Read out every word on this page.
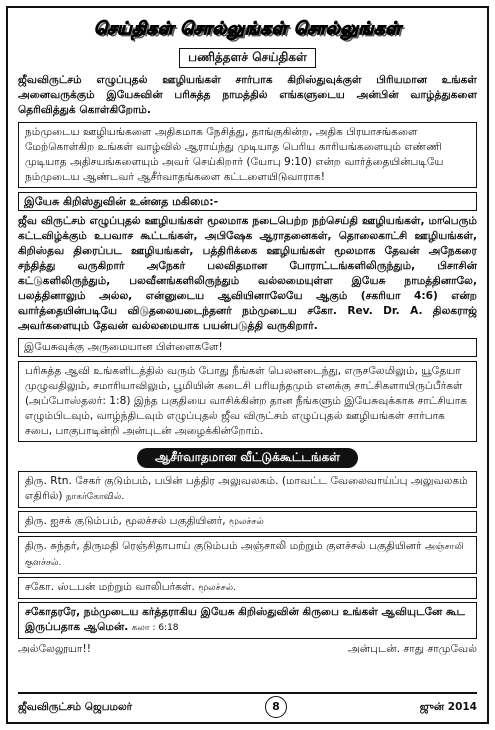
செய்திகள் சொல்லுங்கள் சொல்லுங்கள்
பணித்தளச் செய்திகள்

ஜீவவிருட்சம் எழுப்புதல் ஊழியங்கள் சார்பாக கிறிஸ்துவுக்குள் பிரியமான உங்கள் அனைவருக்கும் இயேசுவின் பரிசுத்த நாமத்தில் எங்களுடைய அன்பின் வாழ்த்துகளை தெரிவித்துக் கொள்கிறோம்.

நம்முடைய ஊழியங்களை அதிகமாக நேசித்து, தாங்குகின்ற, அதிக பிரயாசங்களை மேற்கொள்கிற உங்கள் வாழ்வில் ஆராய்ந்து முடியாத பெரிய காரியங்களையும் எண்ணி முடியாத அதிசயங்களையும் அவர் செய்கிறார் (யோபு 9:10) என்ற வார்த்தையின்படியே நம்முடைய ஆண்டவர் ஆசீர்வாதங்களை கட்டளையிடுவாராக!
இயேசு கிறிஸ்துவின் உன்னத மகிமை:-

ஜீவ விருட்சம் எழுப்புதல் ஊழியங்கள் மூலமாக நடைபெற்ற நற்செய்தி ஊழியங்கள், மாபெரும் கட்டவிழ்க்கும் உபவாச கூட்டங்கள், அபிஷேக ஆராதனைகள், தொலைகாட்சி ஊழியங்கள், கிறிஸ்தவ திரைப்பட ஊழியங்கள், பத்திரிக்கை ஊழியங்கள் மூலமாக தேவன் அநேகரை சந்தித்து வருகிறார் அநேகர் பலவிதமான போராட்டங்களிலிருந்தும், பிசாசின் கட்டுகளிலிருந்தும், பலவீனங்களிலிருந்தும் வல்லமையுள்ள இயேசு நாமத்தினாலே, பலத்தினாலும் அல்ல, என்னுடைய ஆவியினாலேயே ஆகும் (சகரியா 4:6) என்ற வார்த்தையின்படியே விடுதலையடைந்தனர் நம்முடைய சகோ. Rev. Dr. A. திலகராஜ் அவர்களையும் தேவன் வல்லமையாக பயன்படுத்தி வருகிறார்.

இயேசுவுக்கு அருமையான பிள்ளைகளே!
பரிசுத்த ஆவி உங்களிடத்தில் வரும் போது நீங்கள் பெலனடைந்து, எருசலேமிலும், யூதேயா முழுவதிலும், சமாரியாவிலும், பூமியின் கடைசி பரியந்தமும் எனக்கு சாட்சிகளாயிருப்பீர்கள் (அப்போஸ்தலர்: 1:8) இந்த பகுதியை வாசிக்கின்ற தான நீங்களும் இயேசுவுக்காக சாட்சியாக எழும்பிடவும், வாழ்ந்திடவும் எழுப்புதல் ஜீவ விருட்சம் எழுப்புதல் ஊழியங்கள் சார்பாக சபை, பாகுபாடின்றி அன்புடன் அழைக்கின்றோம்.
ஆசீர்வாதமான வீட்டுக்கூட்டங்கள்
திரு. Rtn. சேகர் குடும்பம், பபின் பத்திர அலுவலகம். (மாவட்ட வேலைவாய்ப்பு அலுவலகம் எதிரில்) நாகர்கோவில்.
திரு. ஐசக் குடும்பம், மூலச்சல் பகுதியினர், மூலச்சல்
திரு. சுந்தர், திருமதி ரெஞ்சிதாபாய் குடும்பம் அஞ்சாலி மற்றும் குளச்சல் பகுதியினர் அஞ்சாலி குளச்சல்.
சகோ. ஸ்டபன் மற்றும் வாலிபர்கள். மூலச்சல்.
சகோதரரே, நம்முடைய கர்த்தராகிய இயேசு கிறிஸ்துவின் கிருபை உங்கள் ஆவியுடனே கூட இருப்பதாக ஆமென். கலா : 6:18
அல்லேலூயா!!	அன்புடன். சாது சாமுவேல்
ஜீவவிருட்சம் ஜெபமலர்	8	ஜுன் 2014
